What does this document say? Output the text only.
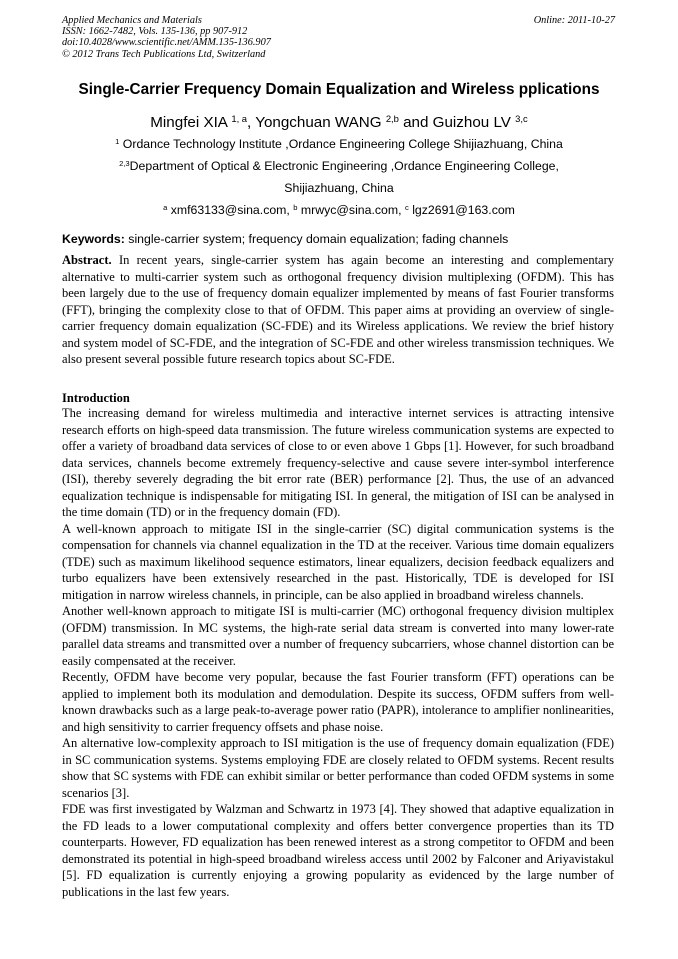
Applied Mechanics and Materials
ISSN: 1662-7482, Vols. 135-136, pp 907-912
doi:10.4028/www.scientific.net/AMM.135-136.907
© 2012 Trans Tech Publications Ltd, Switzerland
Online: 2011-10-27
Single-Carrier Frequency Domain Equalization and Wireless pplications
Mingfei XIA $^{1, a}$, Yongchuan WANG $^{2,b}$ and Guizhou LV $^{3,c}$
$^1$ Ordance Technology Institute ,Ordance Engineering College Shijiazhuang, China
$^{2,3}$Department of Optical & Electronic Engineering ,Ordance Engineering College,
Shijiazhuang, China
$^a$ xmf63133@sina.com, $^b$ mrwyc@sina.com, $^c$ lgz2691@163.com
Keywords: single-carrier system; frequency domain equalization; fading channels
Abstract. In recent years, single-carrier system has again become an interesting and complementary alternative to multi-carrier system such as orthogonal frequency division multiplexing (OFDM). This has been largely due to the use of frequency domain equalizer implemented by means of fast Fourier transforms (FFT), bringing the complexity close to that of OFDM. This paper aims at providing an overview of single-carrier frequency domain equalization (SC-FDE) and its Wireless applications. We review the brief history and system model of SC-FDE, and the integration of SC-FDE and other wireless transmission techniques. We also present several possible future research topics about SC-FDE.
Introduction

The increasing demand for wireless multimedia and interactive internet services is attracting intensive research efforts on high-speed data transmission. The future wireless communication systems are expected to offer a variety of broadband data services of close to or even above 1 Gbps [1]. However, for such broadband data services, channels become extremely frequency-selective and cause severe inter-symbol interference (ISI), thereby severely degrading the bit error rate (BER) performance [2]. Thus, the use of an advanced equalization technique is indispensable for mitigating ISI. In general, the mitigation of ISI can be analysed in the time domain (TD) or in the frequency domain (FD).

A well-known approach to mitigate ISI in the single-carrier (SC) digital communication systems is the compensation for channels via channel equalization in the TD at the receiver. Various time domain equalizers (TDE) such as maximum likelihood sequence estimators, linear equalizers, decision feedback equalizers and turbo equalizers have been extensively researched in the past. Historically, TDE is developed for ISI mitigation in narrow wireless channels, in principle, can be also applied in broadband wireless channels.

Another well-known approach to mitigate ISI is multi-carrier (MC) orthogonal frequency division multiplex (OFDM) transmission. In MC systems, the high-rate serial data stream is converted into many lower-rate parallel data streams and transmitted over a number of frequency subcarriers, whose channel distortion can be easily compensated at the receiver.

Recently, OFDM have become very popular, because the fast Fourier transform (FFT) operations can be applied to implement both its modulation and demodulation. Despite its success, OFDM suffers from well-known drawbacks such as a large peak-to-average power ratio (PAPR), intolerance to amplifier nonlinearities, and high sensitivity to carrier frequency offsets and phase noise.

An alternative low-complexity approach to ISI mitigation is the use of frequency domain equalization (FDE) in SC communication systems. Systems employing FDE are closely related to OFDM systems. Recent results show that SC systems with FDE can exhibit similar or better performance than coded OFDM systems in some scenarios [3].

FDE was first investigated by Walzman and Schwartz in 1973 [4]. They showed that adaptive equalization in the FD leads to a lower computational complexity and offers better convergence properties than its TD counterparts. However, FD equalization has been renewed interest as a strong competitor to OFDM and been demonstrated its potential in high-speed broadband wireless access until 2002 by Falconer and Ariyavistakul [5]. FD equalization is currently enjoying a growing popularity as evidenced by the large number of publications in the last few years.
